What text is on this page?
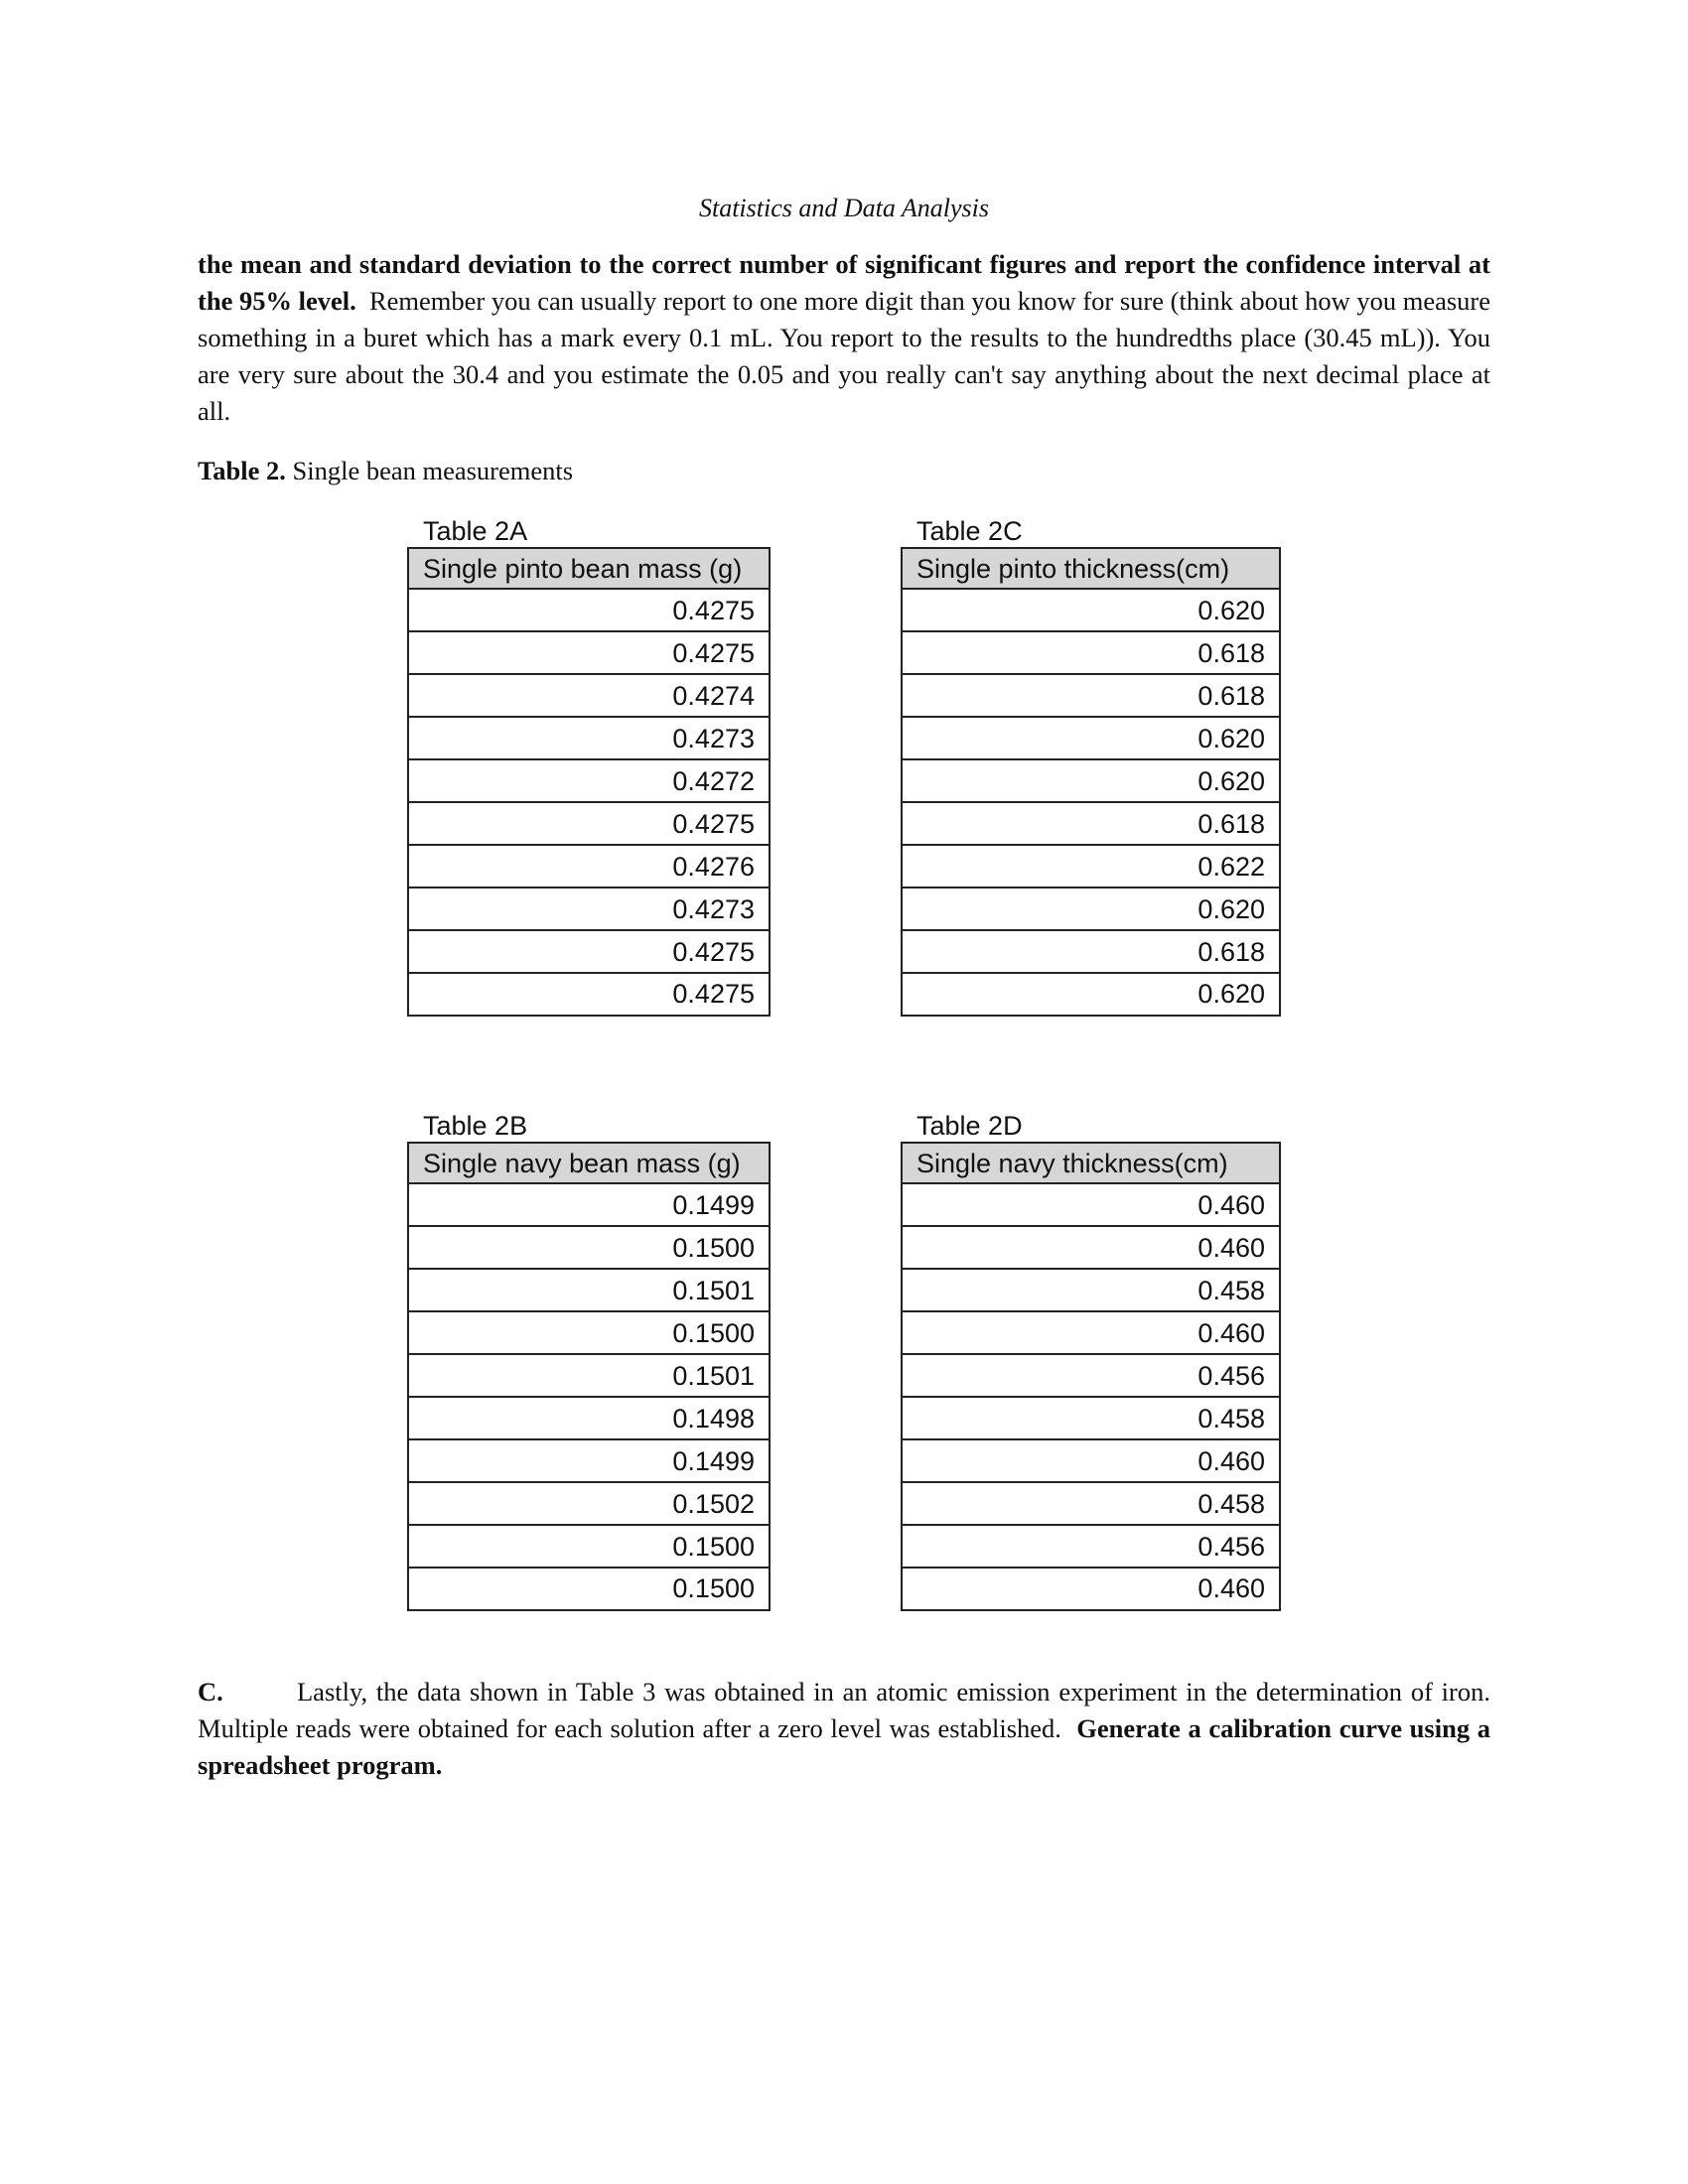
Statistics and Data Analysis

the mean and standard deviation to the correct number of significant figures and report the confidence interval at the 95% level. Remember you can usually report to one more digit than you know for sure (think about how you measure something in a buret which has a mark every 0.1 mL. You report to the results to the hundredths place (30.45 mL)). You are very sure about the 30.4 and you estimate the 0.05 and you really can't say anything about the next decimal place at all.

Table 2. Single bean measurements
Table 2A
Single pinto bean mass (g)
0.4275
0.4275
0.4274
0.4273
0.4272
0.4275
0.4276
0.4273
0.4275
0.4275
Table 2C
Single pinto thickness(cm)
0.620
0.618
0.618
0.620
0.620
0.618
0.622
0.620
0.618
0.620
Table 2B
Single navy bean mass (g)
0.1499
0.1500
0.1501
0.1500
0.1501
0.1498
0.1499
0.1502
0.1500
0.1500
Table 2D
Single navy thickness(cm)
0.460
0.460
0.458
0.460
0.456
0.458
0.460
0.458
0.456
0.460

C.	Lastly, the data shown in Table 3 was obtained in an atomic emission experiment in the determination of iron. Multiple reads were obtained for each solution after a zero level was established. Generate a calibration curve using a spreadsheet program.
